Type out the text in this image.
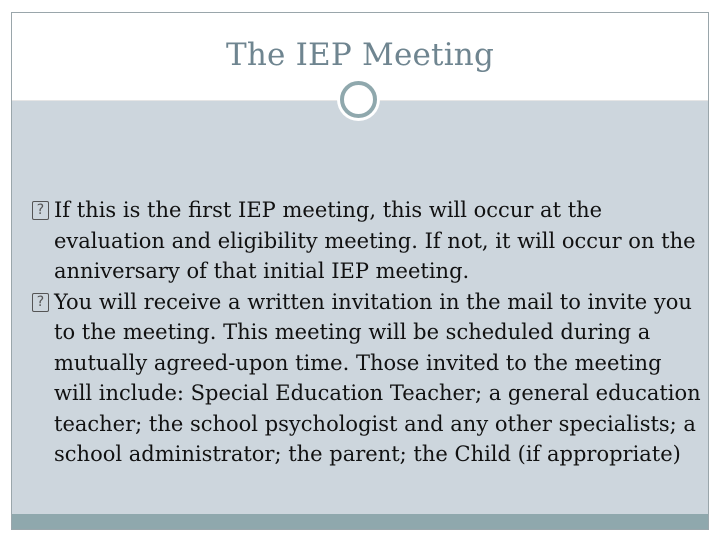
The IEP Meeting
? If this is the first IEP meeting, this will occur at the evaluation and eligibility meeting. If not, it will occur on the anniversary of that initial IEP meeting.
? You will receive a written invitation in the mail to invite you to the meeting. This meeting will be scheduled during a mutually agreed-upon time. Those invited to the meeting will include: Special Education Teacher; a general education teacher; the school psychologist and any other specialists; a school administrator; the parent; the Child (if appropriate)
